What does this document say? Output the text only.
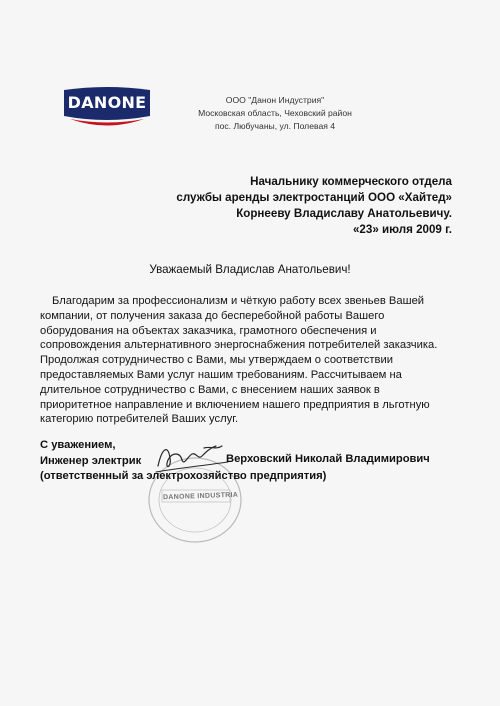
DANONE	ООО "Данон Индустрия"
Московская область, Чеховский район
пос. Любучаны, ул. Полевая 4
Начальнику коммерческого отдела
службы аренды электростанций ООО «Хайтед»
Корнееву Владиславу Анатольевичу.
«23» июля 2009 г.
Уважаемый Владислав Анатольевич!
Благодарим за профессионализм и чёткую работу всех звеньев Вашей
компании, от получения заказа до бесперебойной работы Вашего
оборудования на объектах заказчика, грамотного обеспечения и
сопровождения альтернативного энергоснабжения потребителей заказчика.
Продолжая сотрудничество с Вами, мы утверждаем о соответствии
предоставляемых Вами услуг нашим требованиям. Рассчитываем на
длительное сотрудничество с Вами, с внесением наших заявок в
приоритетное направление и включением нашего предприятия в льготную
категорию потребителей Ваших услуг.
DANONE INDUSTRIA
С уважением,
Инженер электрик
(ответственный за электрохозяйство предприятия)
Верховский Николай Владимирович
